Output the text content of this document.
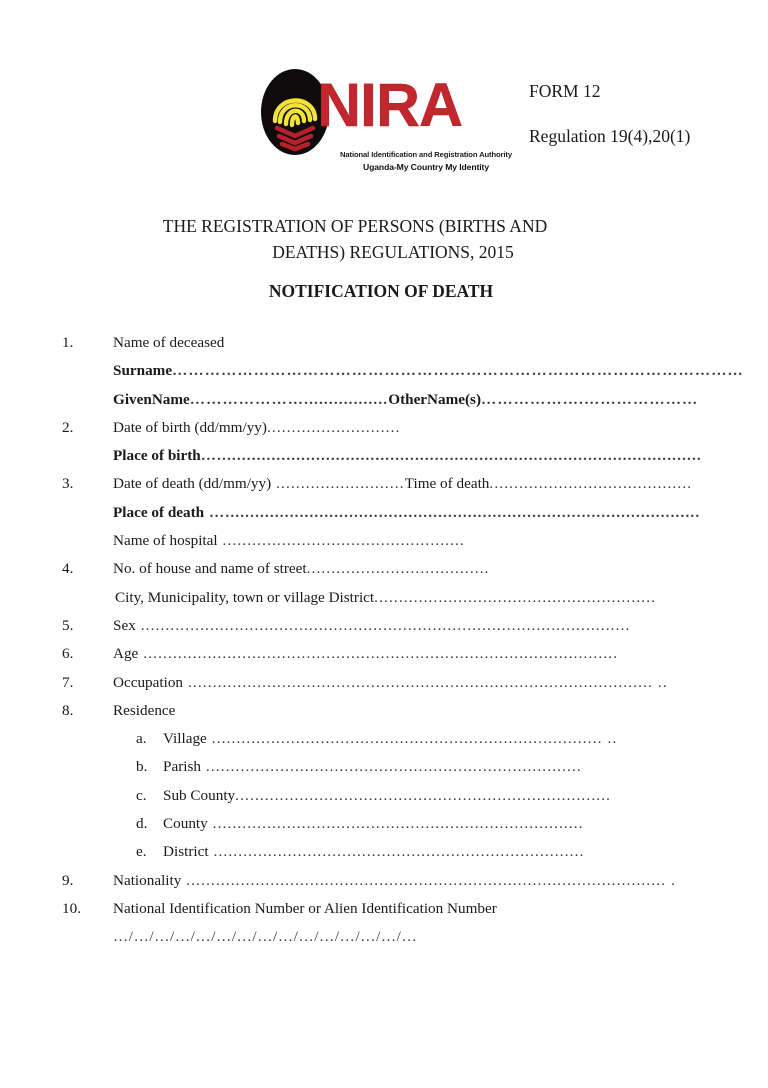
NIRA
National Identification and Registration Authority
Uganda-My Country My Identity
FORM 12
Regulation 19(4),20(1)
THE REGISTRATION OF PERSONS (BIRTHS AND
DEATHS) REGULATIONS, 2015
NOTIFICATION OF DEATH
1.	Name of deceased
Surname……………………………………………………………………………………………
GivenName………………….................OtherName(s)……………….…………………
2.	Date of birth (dd/mm/yy)...........................
Place of birth…..................................................................................................
3.	Date of death (dd/mm/yy) ..........................Time of death.........................................
Place of death …................................................................................................
Name of hospital .................................................
4.	No. of house and name of street.....................................
City, Municipality, town or village District.........................................................
5.	Sex ...................................................................................................
6.	Age ................................................................................................
7.	Occupation .............................................................................................. ..
8.	Residence
a.	Village ............................................................................... ..
b.	Parish ............................................................................
c.	Sub County............................................................................
d.	County ...........................................................................
e.	District ...........................................................................
9.	Nationality ................................................................................................. .
10. National Identification Number or Alien Identification Number
…/…/…/…/…/…/…/…/…/…/…/…/…/…/…
